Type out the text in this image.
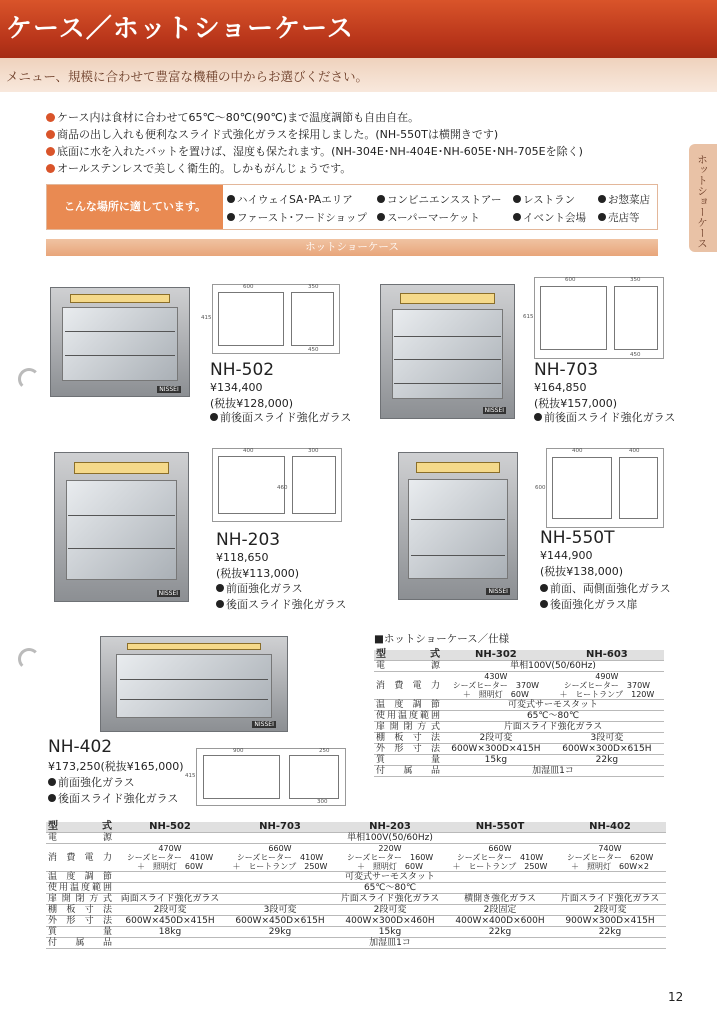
ケース／ホットショーケース
メニュー、規模に合わせて豊富な機種の中からお選びください。
ケース内は食材に合わせて65℃〜80℃(90℃)まで温度調節も自由自在。
商品の出し入れも便利なスライド式強化ガラスを採用しました。(NH-550Tは横開きです)
底面に水を入れたバットを置けば、湿度も保たれます。(NH-304E･NH-404E･NH-605E･NH-705Eを除く)
オールステンレスで美しく衛生的。しかもがんじょうです。
こんな場所に適しています。	ハイウェイSA･PAエリア	コンビニエンスストアー	レストラン	お惣菜店
ファースト･フードショップ	スーパーマーケット	イベント会場	売店等
ホットショーケース	ホットショーケース
NISSEI
600	350
415
450
NH-502
¥134,400
(税抜¥128,000)
前後面スライド強化ガラス
NISSEI
600	350
615
450
NH-703
¥164,850
(税抜¥157,000)
前後面スライド強化ガラス
NISSEI
400	300
460
NH-203
¥118,650
(税抜¥113,000)
前面強化ガラス
後面スライド強化ガラス
NISSEI
400	400
600
NH-550T
¥144,900
(税抜¥138,000)
前面、両側面強化ガラス
後面強化ガラス扉
NISSEI
900	250
415
300
NH-402
¥173,250(税抜¥165,000)
前面強化ガラス
後面スライド強化ガラス
■ホットショーケース／仕様
型　　式	NH-302	NH-603
電　　源	単相100V(50/60Hz)	
消費電力	430W
シーズヒーター　370W
＋　照明灯　60W	490W
シーズヒーター　370W
＋　ヒートランプ　120W
温度調節	可変式サーモスタット	
使用温度範囲	65℃〜80℃	
扉開閉方式	片面スライド強化ガラス	
棚板寸法	2段可変	3段可変
外形寸法	600W×300D×415H	600W×300D×615H
質　　量	15kg	22kg
付属品	加湿皿1コ	
型　　式	NH-502	NH-703	NH-203	NH-550T	NH-402
電　　源	単相100V(50/60Hz)				
消費電力	470W
シーズヒーター　410W
＋　照明灯　60W	660W
シーズヒーター　410W
＋　ヒートランプ　250W	220W
シーズヒーター　160W
＋　照明灯　60W	660W
シーズヒーター　410W
＋　ヒートランプ　250W	740W
シーズヒーター　620W
＋　照明灯　60W×2
温度調節	可変式サーモスタット				
使用温度範囲	65℃〜80℃				
扉開閉方式	両面スライド強化ガラス		片面スライド強化ガラス	横開き強化ガラス	片面スライド強化ガラス
棚板寸法	2段可変	3段可変	2段可変	2段固定	2段可変
外形寸法	600W×450D×415H	600W×450D×615H	400W×300D×460H	400W×400D×600H	900W×300D×415H
質　　量	18kg	29kg	15kg	22kg	22kg
付属品	加湿皿1コ				
12
